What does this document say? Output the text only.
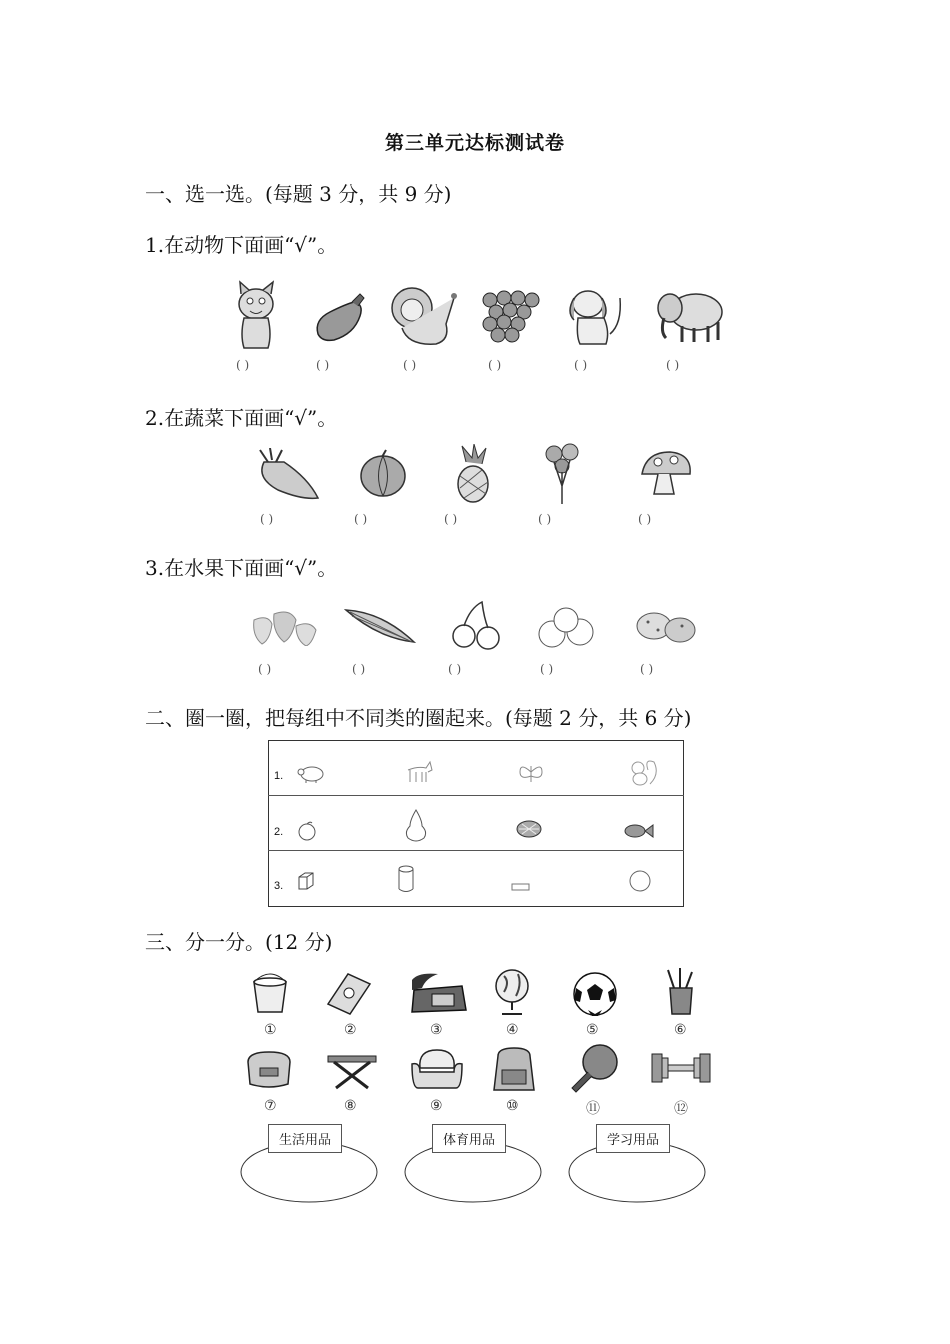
第三单元达标测试卷
一、选一选。(每题 3 分，共 9 分)
1.在动物下面画“√”。
( )	( )	( )	( )	( )	( )
2.在蔬菜下面画“√”。
( )	( )	( )	( )	( )
3.在水果下面画“√”。
( )	( )	( )	( )	( )
二、圈一圈，把每组中不同类的圈起来。(每题 2 分，共 6 分)

1.
2.
3.
三、分一分。(12 分)
①	②	③	④	⑤	⑥
⑦	⑧	⑨	⑩	⑪	⑫
生活用品	体育用品	学习用品
